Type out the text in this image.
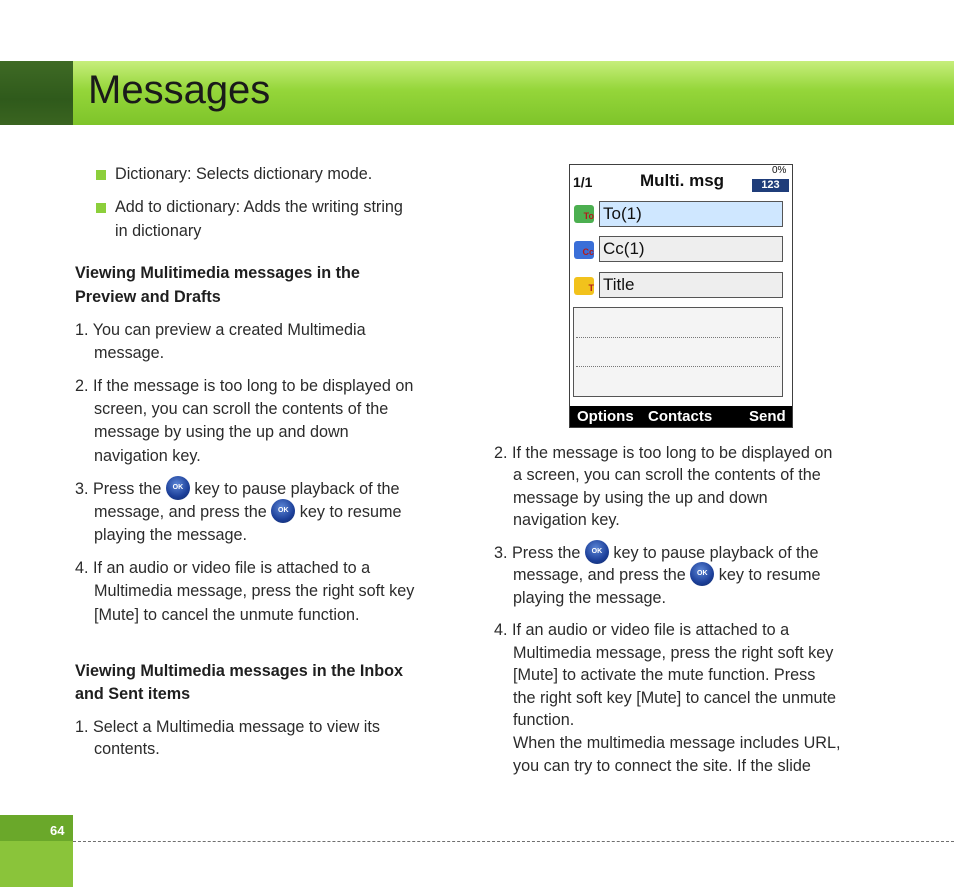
Messages
Dictionary: Selects dictionary mode.
Add to dictionary: Adds the writing string
in dictionary
Viewing Mulitimedia messages in the
Preview and Drafts
1. You can preview a created Multimedia
message.
2. If the message is too long to be displayed on
screen, you can scroll the contents of the
message by using the up and down
navigation key.
3. Press the OK key to pause playback of the
message, and press the OK key to resume
playing the message.
4. If an audio or video file is attached to a
Multimedia message, press the right soft key
[Mute] to cancel the unmute function.
Viewing Multimedia messages in the Inbox
and Sent items
1. Select a Multimedia message to view its
contents.
1/1	Multi. msg
0%
123
To To(1)
Cc Cc(1)
T Title
Options Contacts Send
2. If the message is too long to be displayed on
a screen, you can scroll the contents of the
message by using the up and down
navigation key.
3. Press the OK key to pause playback of the
message, and press the OK key to resume
playing the message.
4. If an audio or video file is attached to a
Multimedia message, press the right soft key
[Mute] to activate the mute function. Press
the right soft key [Mute] to cancel the unmute
function.
When the multimedia message includes URL,
you can try to connect the site. If the slide
64
